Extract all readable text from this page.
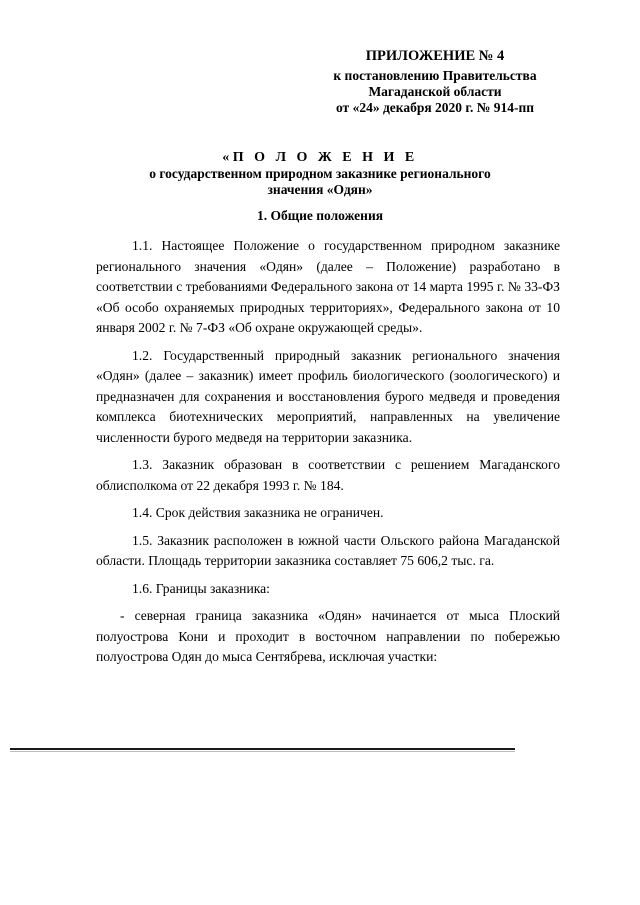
ПРИЛОЖЕНИЕ № 4
к постановлению Правительства
Магаданской области
от «24» декабря 2020 г. № 914-пп
«П О Л О Ж Е Н И Е
о государственном природном заказнике регионального
значения «Одян»
1. Общие положения

1.1. Настоящее Положение о государственном природном заказнике регионального значения «Одян» (далее – Положение) разработано в соответствии с требованиями Федерального закона от 14 марта 1995 г. № 33-ФЗ «Об особо охраняемых природных территориях», Федерального закона от 10 января 2002 г. № 7-ФЗ «Об охране окружающей среды».

1.2. Государственный природный заказник регионального значения «Одян» (далее – заказник) имеет профиль биологического (зоологического) и предназначен для сохранения и восстановления бурого медведя и проведения комплекса биотехнических мероприятий, направленных на увеличение численности бурого медведя на территории заказника.

1.3. Заказник образован в соответствии с решением Магаданского облисполкома от 22 декабря 1993 г. № 184.

1.4. Срок действия заказника не ограничен.

1.5. Заказник расположен в южной части Ольского района Магаданской области. Площадь территории заказника составляет 75 606,2 тыс. га.

1.6. Границы заказника:

- северная граница заказника «Одян» начинается от мыса Плоский полуострова Кони и проходит в восточном направлении по побережью полуострова Одян до мыса Сентябрева, исключая участки:
